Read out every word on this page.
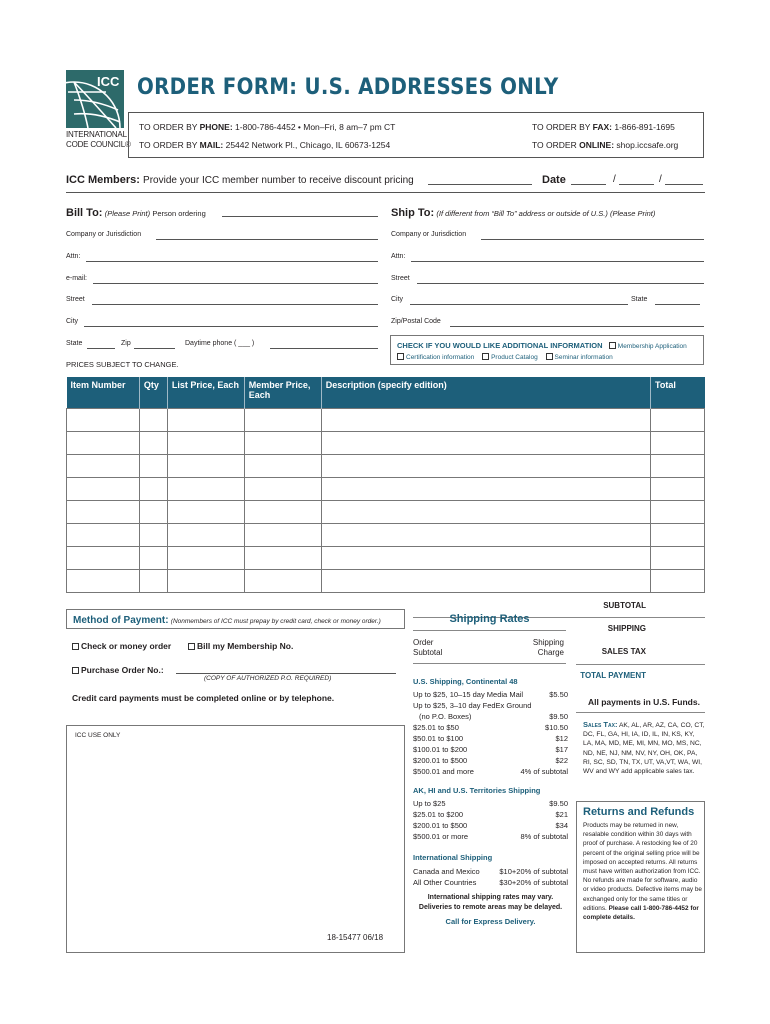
ICC
INTERNATIONAL
CODE COUNCIL®
ORDER FORM: U.S. ADDRESSES ONLY
TO ORDER BY PHONE: 1-800-786-4452 • Mon–Fri, 8 am–7 pm CT
TO ORDER BY MAIL: 25442 Network Pl., Chicago, IL 60673-1254
TO ORDER BY FAX: 1-866-891-1695
TO ORDER ONLINE: shop.iccsafe.org
ICC Members: Provide your ICC member number to receive discount pricing	Date	/	/
Bill To: (Please Print) Person ordering
Company or Jurisdiction
Attn:
e-mail:
Street
City
State	Zip	Daytime phone ( ___ )
PRICES SUBJECT TO CHANGE.
Ship To: (If different from “Bill To” address or outside of U.S.) (Please Print)
Company or Jurisdiction
Attn:
Street
City	State
Zip/Postal Code
CHECK IF YOU WOULD LIKE ADDITIONAL INFORMATION Membership Application
Certification information	Product Catalog	Seminar information
Item Number	Qty	List Price, Each	Member Price, Each	Description (specify edition)	Total

SUBTOTAL
SHIPPING
SALES TAX
TOTAL PAYMENT
All payments in U.S. Funds.
Method of Payment: (Nonmembers of ICC must prepay by credit card, check or money order.)
Check or money order	Bill my Membership No.
Purchase Order No.:
(COPY OF AUTHORIZED P.O. REQUIRED)
Credit card payments must be completed online or by telephone.
ICC USE ONLY
18-15477 06/18
Shipping Rates
Order
Subtotal
Shipping
Charge
U.S. Shipping, Continental 48
Up to $25, 10–15 day Media Mail	$5.50
Up to $25, 3–10 day FedEx Ground
(no P.O. Boxes)	$9.50
$25.01 to $50	$10.50
$50.01 to $100	$12
$100.01 to $200	$17
$200.01 to $500	$22
$500.01 and more	4% of subtotal
AK, HI and U.S. Territories Shipping
Up to $25	$9.50
$25.01 to $200	$21
$200.01 to $500	$34
$500.01 or more	8% of subtotal
International Shipping
Canada and Mexico	$10+20% of subtotal
All Other Countries	$30+20% of subtotal
International shipping rates may vary.
Deliveries to remote areas may be delayed.
Call for Express Delivery.
Sales Tax: AK, AL, AR, AZ, CA, CO, CT, DC, FL, GA, HI, IA, ID, IL, IN, KS, KY, LA, MA, MD, ME, MI, MN, MO, MS, NC, ND, NE, NJ, NM, NV, NY, OH, OK, PA, RI, SC, SD, TN, TX, UT, VA,VT, WA, WI, WV and WY add applicable sales tax.
Returns and Refunds
Products may be returned in new, resalable condition within 30 days with proof of purchase. A restocking fee of 20 percent of the original selling price will be imposed on accepted returns. All returns must have written authorization from ICC.
No refunds are made for software, audio or video products. Defective items may be exchanged only for the same titles or editions. Please call 1-800-786-4452 for complete details.
